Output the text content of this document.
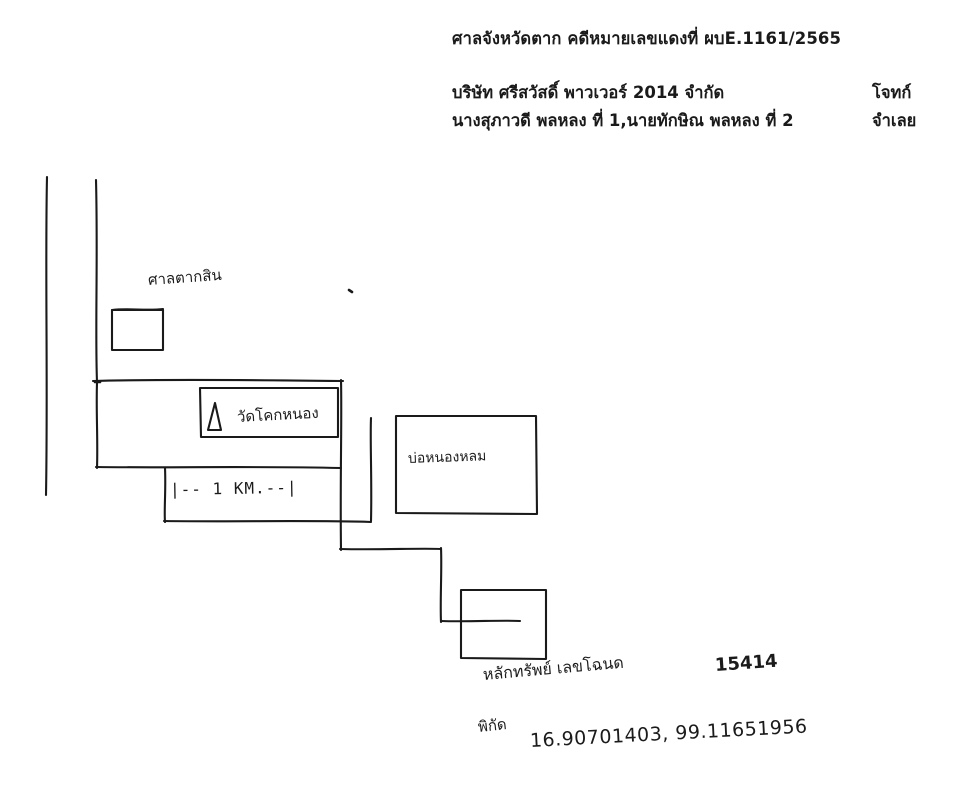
ศาลจังหวัดตาก คดีหมายเลขแดงที่ ผบE.1161/2565
บริษัท ศรีสวัสดิ์ พาวเวอร์ 2014 จำกัด	โจทก์
นางสุภาวดี พลหลง ที่ 1,นายทักษิณ พลหลง ที่ 2	จำเลย
ศาลตากสิน
วัดโคกหนอง
บ่อหนองหลม
|-- 1 KM.--|
หลักทรัพย์ เลขโฉนด	15414
พิกัด 16.90701403, 99.11651956
